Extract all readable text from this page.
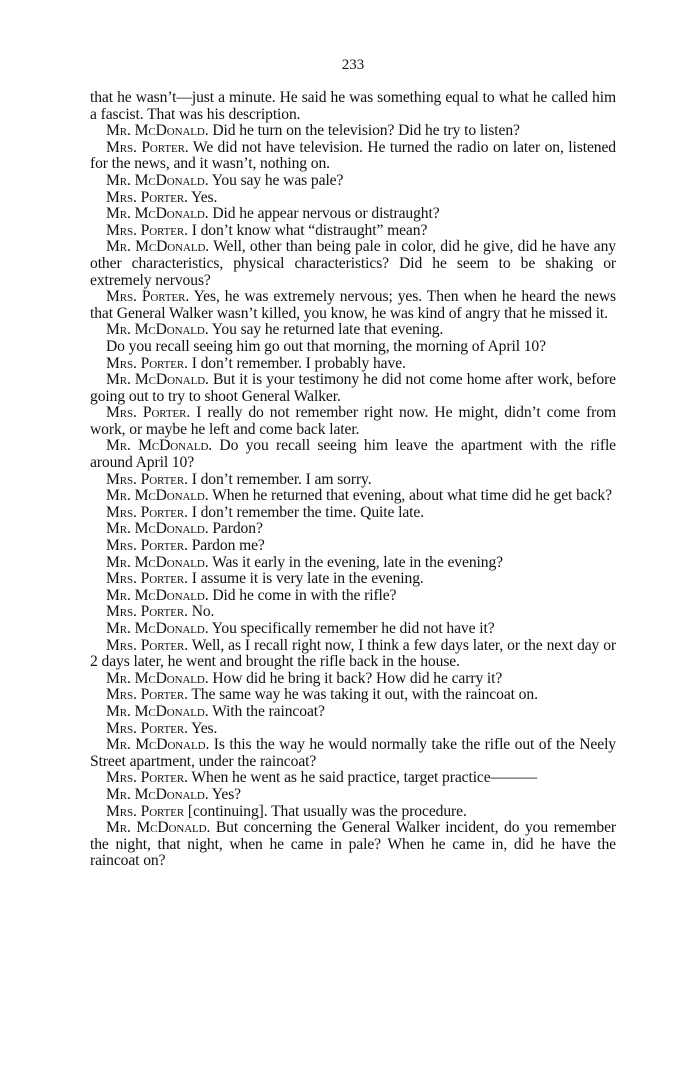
233

that he wasn’t—just a minute. He said he was something equal to what he called him a fascist. That was his description.

Mr. McDonald. Did he turn on the television? Did he try to listen?

Mrs. Porter. We did not have television. He turned the radio on later on, listened for the news, and it wasn’t, nothing on.

Mr. McDonald. You say he was pale?

Mrs. Porter. Yes.

Mr. McDonald. Did he appear nervous or distraught?

Mrs. Porter. I don’t know what “distraught” mean?

Mr. McDonald. Well, other than being pale in color, did he give, did he have any other characteristics, physical characteristics? Did he seem to be shaking or extremely nervous?

Mrs. Porter. Yes, he was extremely nervous; yes. Then when he heard the news that General Walker wasn’t killed, you know, he was kind of angry that he missed it.

Mr. McDonald. You say he returned late that evening.

Do you recall seeing him go out that morning, the morning of April 10?

Mrs. Porter. I don’t remember. I probably have.

Mr. McDonald. But it is your testimony he did not come home after work, before going out to try to shoot General Walker.

Mrs. Porter. I really do not remember right now. He might, didn’t come from work, or maybe he left and come back later.

Mr. McDonald. Do you recall seeing him leave the apartment with the rifle around April 10?

Mrs. Porter. I don’t remember. I am sorry.

Mr. McDonald. When he returned that evening, about what time did he get back?

Mrs. Porter. I don’t remember the time. Quite late.

Mr. McDonald. Pardon?

Mrs. Porter. Pardon me?

Mr. McDonald. Was it early in the evening, late in the evening?

Mrs. Porter. I assume it is very late in the evening.

Mr. McDonald. Did he come in with the rifle?

Mrs. Porter. No.

Mr. McDonald. You specifically remember he did not have it?

Mrs. Porter. Well, as I recall right now, I think a few days later, or the next day or 2 days later, he went and brought the rifle back in the house.

Mr. McDonald. How did he bring it back? How did he carry it?

Mrs. Porter. The same way he was taking it out, with the raincoat on.

Mr. McDonald. With the raincoat?

Mrs. Porter. Yes.

Mr. McDonald. Is this the way he would normally take the rifle out of the Neely Street apartment, under the raincoat?

Mrs. Porter. When he went as he said practice, target practice———

Mr. McDonald. Yes?

Mrs. Porter [continuing]. That usually was the procedure.

Mr. McDonald. But concerning the General Walker incident, do you remember the night, that night, when he came in pale? When he came in, did he have the raincoat on?
